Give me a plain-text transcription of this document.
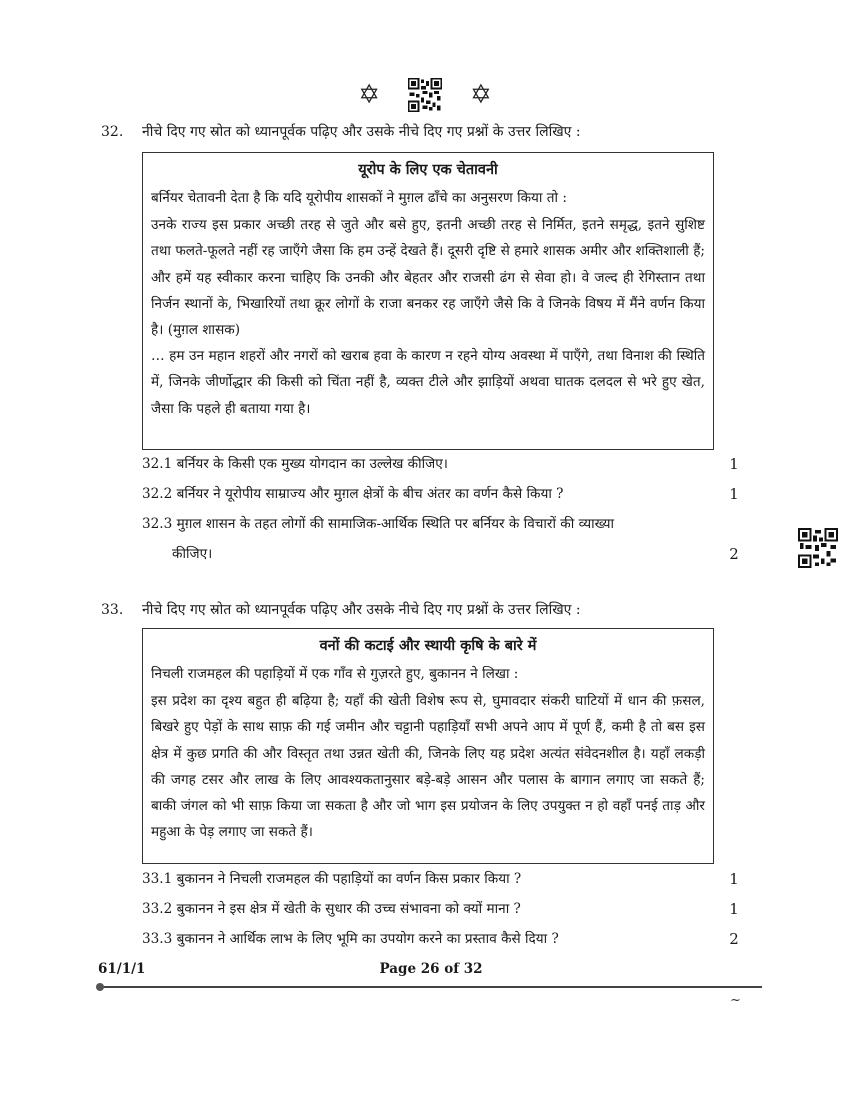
✡	✡
32. नीचे दिए गए स्रोत को ध्यानपूर्वक पढ़िए और उसके नीचे दिए गए प्रश्नों के उत्तर लिखिए :
यूरोप के लिए एक चेतावनी

बर्नियर चेतावनी देता है कि यदि यूरोपीय शासकों ने मुग़ल ढाँचे का अनुसरण किया तो :

उनके राज्य इस प्रकार अच्छी तरह से जुते और बसे हुए, इतनी अच्छी तरह से निर्मित, इतने समृद्ध, इतने सुशिष्ट तथा फलते-फूलते नहीं रह जाएँगे जैसा कि हम उन्हें देखते हैं। दूसरी दृष्टि से हमारे शासक अमीर और शक्तिशाली हैं; और हमें यह स्वीकार करना चाहिए कि उनकी और बेहतर और राजसी ढंग से सेवा हो। वे जल्द ही रेगिस्तान तथा निर्जन स्थानों के, भिखारियों तथा क्रूर लोगों के राजा बनकर रह जाएँगे जैसे कि वे जिनके विषय में मैंने वर्णन किया है। (मुग़ल शासक)

… हम उन महान शहरों और नगरों को खराब हवा के कारण न रहने योग्य अवस्था में पाएँगे, तथा विनाश की स्थिति में, जिनके जीर्णोद्धार की किसी को चिंता नहीं है, व्यक्त टीले और झाड़ियों अथवा घातक दलदल से भरे हुए खेत, जैसा कि पहले ही बताया गया है।

32.1 बर्नियर के किसी एक मुख्य योगदान का उल्लेख कीजिए।	1
32.2 बर्नियर ने यूरोपीय साम्राज्य और मुग़ल क्षेत्रों के बीच अंतर का वर्णन कैसे किया ?	1
32.3 मुग़ल शासन के तहत लोगों की सामाजिक-आर्थिक स्थिति पर बर्नियर के विचारों की व्याख्या
कीजिए।	2
33. नीचे दिए गए स्रोत को ध्यानपूर्वक पढ़िए और उसके नीचे दिए गए प्रश्नों के उत्तर लिखिए :
वनों की कटाई और स्थायी कृषि के बारे में

निचली राजमहल की पहाड़ियों में एक गाँव से गुज़रते हुए, बुकानन ने लिखा :

इस प्रदेश का दृश्य बहुत ही बढ़िया है; यहाँ की खेती विशेष रूप से, घुमावदार संकरी घाटियों में धान की फ़सल, बिखरे हुए पेड़ों के साथ साफ़ की गई जमीन और चट्टानी पहाड़ियाँ सभी अपने आप में पूर्ण हैं, कमी है तो बस इस क्षेत्र में कुछ प्रगति की और विस्तृत तथा उन्नत खेती की, जिनके लिए यह प्रदेश अत्यंत संवेदनशील है। यहाँ लकड़ी की जगह टसर और लाख के लिए आवश्यकतानुसार बड़े-बड़े आसन और पलास के बागान लगाए जा सकते हैं; बाकी जंगल को भी साफ़ किया जा सकता है और जो भाग इस प्रयोजन के लिए उपयुक्त न हो वहाँ पनई ताड़ और महुआ के पेड़ लगाए जा सकते हैं।

33.1 बुकानन ने निचली राजमहल की पहाड़ियों का वर्णन किस प्रकार किया ?	1
33.2 बुकानन ने इस क्षेत्र में खेती के सुधार की उच्च संभावना को क्यों माना ?	1
33.3 बुकानन ने आर्थिक लाभ के लिए भूमि का उपयोग करने का प्रस्ताव कैसे दिया ?	2
61/1/1	Page 26 of 32
~
